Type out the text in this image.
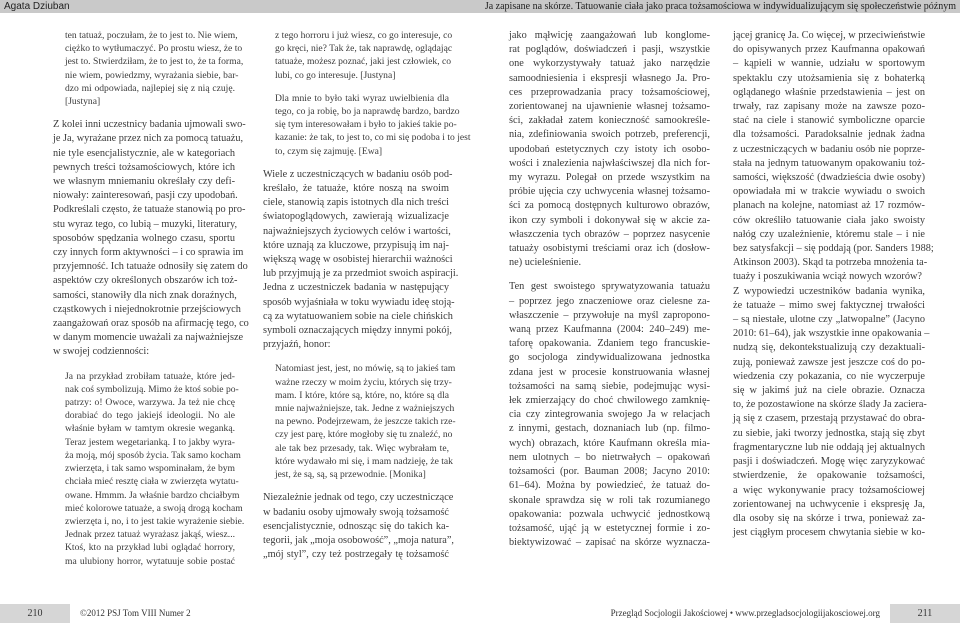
Agata Dziuban	Ja zapisane na skórze. Tatuowanie ciała jako praca tożsamościowa w indywidualizującym się społeczeństwie późnym
ten tatuaż, poczułam, że to jest to. Nie wiem,
ciężko to wytłumaczyć. Po prostu wiesz, że to
jest to. Stwierdziłam, że to jest to, że ta forma,
nie wiem, powiedzmy, wyrażania siebie, bar-
dzo mi odpowiada, najlepiej się z nią czuję.
[Justyna]
Z kolei inni uczestnicy badania ujmowali swo-
je Ja, wyrażane przez nich za pomocą tatuażu,
nie tyle esencjalistycznie, ale w kategoriach
pewnych treści tożsamościowych, które ich
we własnym mniemaniu określały czy defi-
niowały: zainteresowań, pasji czy upodobań.
Podkreślali często, że tatuaże stanowią po pro-
stu wyraz tego, co lubią – muzyki, literatury,
sposobów spędzania wolnego czasu, sportu
czy innych form aktywności – i co sprawia im
przyjemność. Ich tatuaże odnosiły się zatem do
aspektów czy określonych obszarów ich toż-
samości, stanowiły dla nich znak doraźnych,
cząstkowych i niejednokrotnie przejściowych
zaangażowań oraz sposób na afirmację tego, co
w danym momencie uważali za najważniejsze
w swojej codzienności:
Ja na przykład zrobiłam tatuaże, które jed-
nak coś symbolizują. Mimo że ktoś sobie po-
patrzy: o! Owoce, warzywa. Ja też nie chcę
dorabiać do tego jakiejś ideologii. No ale
właśnie byłam w tamtym okresie weganką.
Teraz jestem wegetarianką. I to jakby wyra-
ża moją, mój sposób życia. Tak samo kocham
zwierzęta, i tak samo wspominałam, że bym
chciała mieć resztę ciała w zwierzęta wytatu-
owane. Hmmm. Ja właśnie bardzo chciałbym
mieć kolorowe tatuaże, a swoją drogą kocham
zwierzęta i, no, i to jest takie wyrażenie siebie.
Jednak przez tatuaż wyrażasz jakąś, wiesz...
Ktoś, kto na przykład lubi oglądać horrory,
ma ulubiony horror, wytatuuje sobie postać
z tego horroru i już wiesz, co go interesuje, co
go kręci, nie? Tak że, tak naprawdę, oglądając
tatuaże, możesz poznać, jaki jest człowiek, co
lubi, co go interesuje. [Justyna]
Dla mnie to było taki wyraz uwielbienia dla
tego, co ja robię, bo ja naprawdę bardzo, bardzo
się tym interesowałam i było to jakieś takie po-
kazanie: że tak, to jest to, co mi się podoba i to jest
to, czym się zajmuję. [Ewa]
Wiele z uczestniczących w badaniu osób pod-
kreślało, że tatuaże, które noszą na swoim
ciele, stanowią zapis istotnych dla nich treści
światopoglądowych, zawierają wizualizacje
najważniejszych życiowych celów i wartości,
które uznają za kluczowe, przypisują im naj-
większą wagę w osobistej hierarchii ważności
lub przyjmują je za przedmiot swoich aspiracji.
Jedna z uczestniczek badania w następujący
sposób wyjaśniała w toku wywiadu ideę stoją-
cą za wytatuowaniem sobie na ciele chińskich
symboli oznaczających między innymi pokój,
przyjaźń, honor:
Natomiast jest, jest, no mówię, są to jakieś tam
ważne rzeczy w moim życiu, których się trzy-
mam. I które, które są, które, no, które są dla
mnie najważniejsze, tak. Jedne z ważniejszych
na pewno. Podejrzewam, że jeszcze takich rze-
czy jest parę, które mogłoby się tu znaleźć, no
ale tak bez przesady, tak. Więc wybrałam te,
które wydawało mi się, i mam nadzieję, że tak
jest, że są, są, są przewodnie. [Monika]
Niezależnie jednak od tego, czy uczestniczące
w badaniu osoby ujmowały swoją tożsamość
esencjalistycznie, odnosząc się do takich ka-
tegorii, jak „moja osobowość”, „moja natura”,
„mój styl”, czy też postrzegały tę tożsamość
jako mąłwicję zaangażowań lub konglome-
rat poglądów, doświadczeń i pasji, wszystkie
one wykorzystywały tatuaż jako narzędzie
samoodniesienia i ekspresji własnego Ja. Pro-
ces przeprowadzania pracy tożsamościowej,
zorientowanej na ujawnienie własnej tożsamo-
ści, zakładał zatem konieczność samookreśle-
nia, zdefiniowania swoich potrzeb, preferencji,
upodobań estetycznych czy istoty ich osobo-
wości i znalezienia najwłaściwszej dla nich for-
my wyrazu. Polegał on przede wszystkim na
próbie ujęcia czy uchwycenia własnej tożsamo-
ści za pomocą dostępnych kulturowo obrazów,
ikon czy symboli i dokonywał się w akcie za-
właszczenia tych obrazów – poprzez nasycenie
tatuaży osobistymi treściami oraz ich (dosłow-
ne) ucieleśnienie.
Ten gest swoistego sprywatyzowania tatuażu
– poprzez jego znaczeniowe oraz cielesne za-
właszczenie – przywołuje na myśl zapropono-
waną przez Kaufmanna (2004: 240–249) me-
taforę opakowania. Zdaniem tego francuskie-
go socjologa zindywidualizowana jednostka
zdana jest w procesie konstruowania własnej
tożsamości na samą siebie, podejmując wysi-
łek zmierzający do choć chwilowego zamknię-
cia czy zintegrowania swojego Ja w relacjach
z innymi, gestach, doznaniach lub (np. filmo-
wych) obrazach, które Kaufmann określa mia-
nem ulotnych – bo nietrwałych – opakowań
tożsamości (por. Bauman 2008; Jacyno 2010:
61–64). Można by powiedzieć, że tatuaż do-
skonale sprawdza się w roli tak rozumianego
opakowania: pozwala uchwycić jednostkową
tożsamość, ująć ją w estetycznej formie i zo-
biektywizować – zapisać na skórze wyznacza-
jącej granicę Ja. Co więcej, w przeciwieństwie
do opisywanych przez Kaufmanna opakowań
– kąpieli w wannie, udziału w sportowym
spektaklu czy utożsamienia się z bohaterką
oglądanego właśnie przedstawienia – jest on
trwały, raz zapisany może na zawsze pozo-
stać na ciele i stanowić symboliczne oparcie
dla tożsamości. Paradoksalnie jednak żadna
z uczestniczących w badaniu osób nie poprze-
stała na jednym tatuowanym opakowaniu toż-
samości, większość (dwadzieścia dwie osoby)
opowiadała mi w trakcie wywiadu o swoich
planach na kolejne, natomiast aż 17 rozmów-
ców określiło tatuowanie ciała jako swoisty
nałóg czy uzależnienie, któremu stale – i nie
bez satysfakcji – się poddają (por. Sanders 1988;
Atkinson 2003). Skąd ta potrzeba mnożenia ta-
tuaży i poszukiwania wciąż nowych wzorów?
Z wypowiedzi uczestników badania wynika,
że tatuaże – mimo swej faktycznej trwałości
– są niestałe, ulotne czy „latwopalne” (Jacyno
2010: 61–64), jak wszystkie inne opakowania –
nudzą się, dekontekstualizują czy dezaktuali-
zują, ponieważ zawsze jest jeszcze coś do po-
wiedzenia czy pokazania, co nie wyczerpuje
się w jakimś już na ciele obrazie. Oznacza
to, że pozostawione na skórze ślady Ja zaciera-
ją się z czasem, przestają przystawać do obra-
zu siebie, jaki tworzy jednostka, stają się zbyt
fragmentaryczne lub nie oddają jej aktualnych
pasji i doświadczeń. Mogę więc zaryzykować
stwierdzenie, że opakowanie tożsamości,
a więc wykonywanie pracy tożsamościowej
zorientowanej na uchwycenie i ekspresję Ja,
dla osoby się na skórze i trwa, ponieważ za-
jest ciągłym procesem chwytania siebie w ko-
210	©2012 PSJ Tom VIII Numer 2	Przegląd Socjologii Jakościowej • www.przegladsocjologiijakosciowej.org	211
